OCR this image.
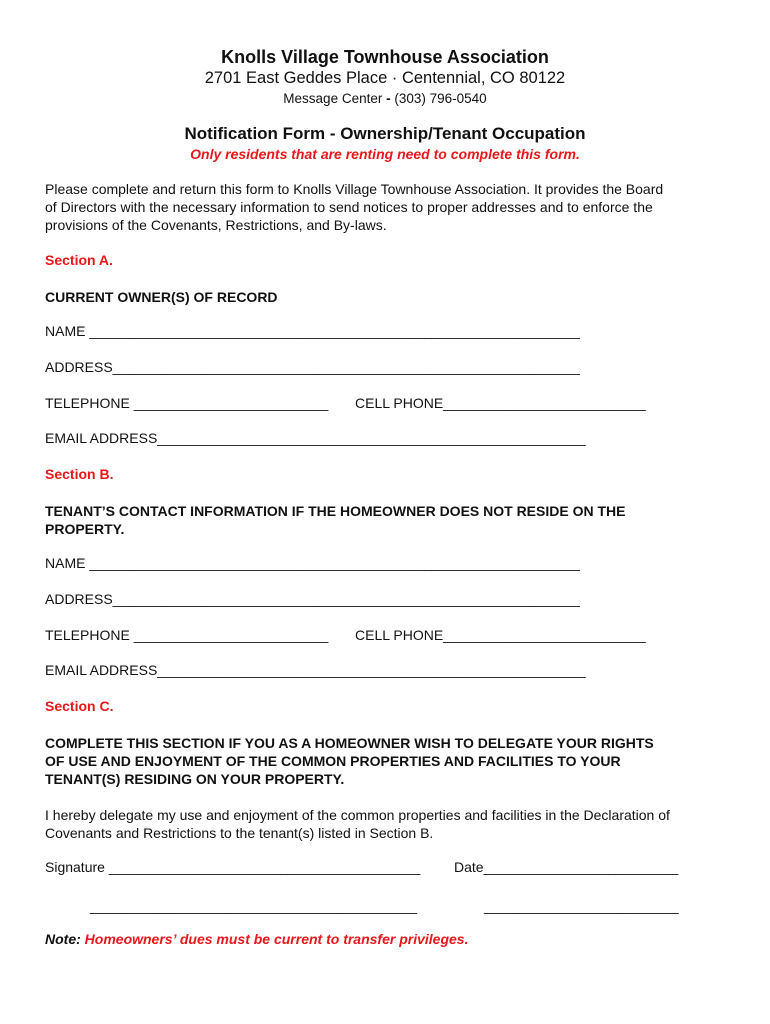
Knolls Village Townhouse Association
2701 East Geddes Place · Centennial, CO 80122
Message Center - (303) 796-0540
Notification Form - Ownership/Tenant Occupation
Only residents that are renting need to complete this form.
Please complete and return this form to Knolls Village Townhouse Association. It provides the Board
of Directors with the necessary information to send notices to proper addresses and to enforce the
provisions of the Covenants, Restrictions, and By-laws.
Section A.
CURRENT OWNER(S) OF RECORD
NAME _______________________________________________________________
ADDRESS____________________________________________________________
TELEPHONE _________________________ CELL PHONE__________________________
EMAIL ADDRESS_______________________________________________________
Section B.
TENANT’S CONTACT INFORMATION IF THE HOMEOWNER DOES NOT RESIDE ON THE
PROPERTY.
NAME _______________________________________________________________
ADDRESS____________________________________________________________
TELEPHONE _________________________ CELL PHONE__________________________
EMAIL ADDRESS_______________________________________________________
Section C.
COMPLETE THIS SECTION IF YOU AS A HOMEOWNER WISH TO DELEGATE YOUR RIGHTS
OF USE AND ENJOYMENT OF THE COMMON PROPERTIES AND FACILITIES TO YOUR
TENANT(S) RESIDING ON YOUR PROPERTY.
I hereby delegate my use and enjoyment of the common properties and facilities in the Declaration of
Covenants and Restrictions to the tenant(s) listed in Section B.
Signature ________________________________________ Date_________________________
__________________________________________	_________________________
Note: Homeowners’ dues must be current to transfer privileges.
